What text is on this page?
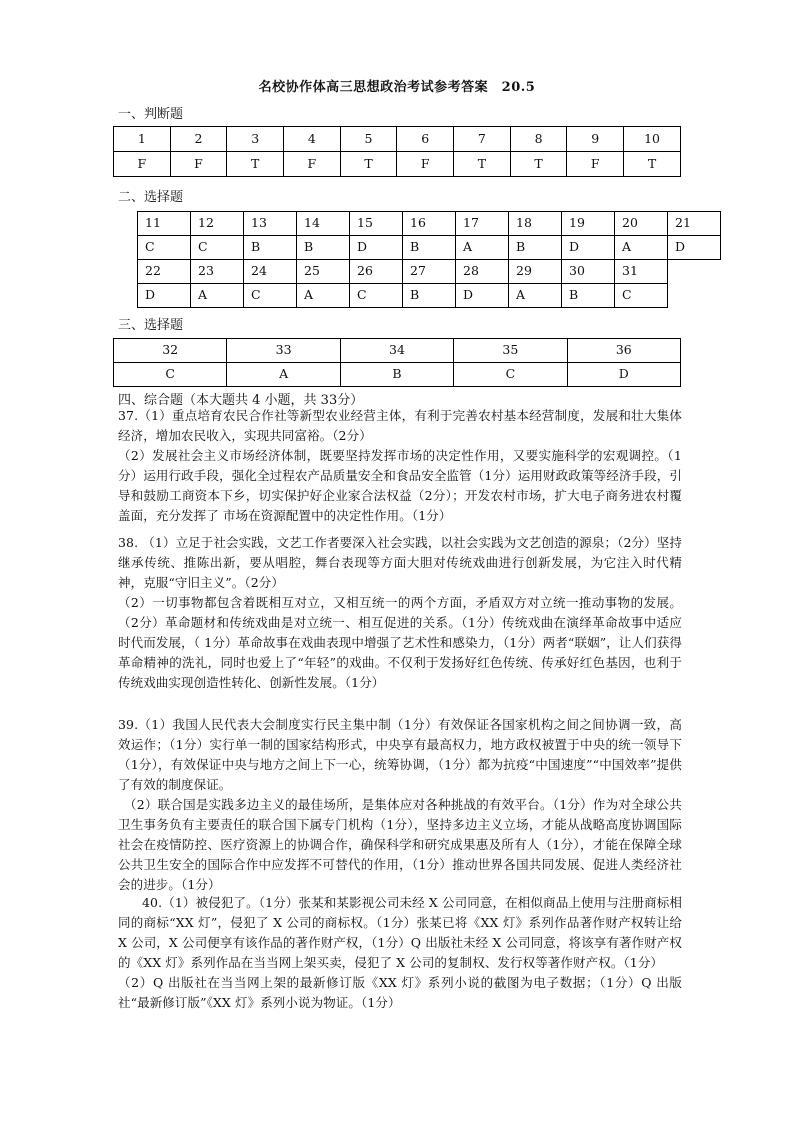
名校协作体高三思想政治考试参考答案　20.5
一、判断题
1	2	3	4	5	6	7	8	9	10
F	F	T	F	T	F	T	T	F	T
二、选择题
11	12	13	14	15	16	17	18	19	20	21
C	C	B	B	D	B	A	B	D	A	D
22	23	24	25	26	27	28	29	30	31	
D	A	C	A	C	B	D	A	B	C	
三、选择题
32	33	34	35	36
C	A	B	C	D
四、综合题（本大题共 4 小题，共 33分）

37.（1）重点培育农民合作社等新型农业经营主体，有利于完善农村基本经营制度，发展和壮大集体经济，增加农民收入，实现共同富裕。（2分）

（2）发展社会主义市场经济体制，既要坚持发挥市场的决定性作用，又要实施科学的宏观调控。（1分）运用行政手段，强化全过程农产品质量安全和食品安全监管（1分）运用财政政策等经济手段，引导和鼓励工商资本下乡，切实保护好企业家合法权益（2分）；开发农村市场，扩大电子商务进农村覆盖面，充分发挥了 市场在资源配置中的决定性作用。（1分）

38. （1）立足于社会实践，文艺工作者要深入社会实践，以社会实践为文艺创造的源泉；（2分）坚持继承传统、推陈出新，要从唱腔，舞台表现等方面大胆对传统戏曲进行创新发展，为它注入时代精神，克服“守旧主义”。（2分）

（2）一切事物都包含着既相互对立，又相互统一的两个方面，矛盾双方对立统一推动事物的发展。（2分）革命题材和传统戏曲是对立统一、相互促进的关系。（1分）传统戏曲在演绎革命故事中适应时代而发展，（ 1分）革命故事在戏曲表现中增强了艺术性和感染力，（1分）两者“联姻”，让人们获得革命精神的洗礼，同时也爱上了“年轻”的戏曲。不仅利于发扬好红色传统、传承好红色基因，也利于传统戏曲实现创造性转化、创新性发展。（1分）

39.（1）我国人民代表大会制度实行民主集中制（1分）有效保证各国家机构之间之间协调一致，高效运作；（1分）实行单一制的国家结构形式，中央享有最高权力，地方政权被置于中央的统一领导下（1分），有效保证中央与地方之间上下一心，统筹协调，（1分）都为抗疫“中国速度”“中国效率”提供了有效的制度保证。

（2）联合国是实践多边主义的最佳场所，是集体应对各种挑战的有效平台。（1分）作为对全球公共卫生事务负有主要责任的联合国下属专门机构（1分），坚持多边主义立场，才能从战略高度协调国际社会在疫情防控、医疗资源上的协调合作，确保科学和研究成果惠及所有人（1分），才能在保障全球公共卫生安全的国际合作中应发挥不可替代的作用，（1分）推动世界各国共同发展、促进人类经济社会的进步。（1分）

40.（1）被侵犯了。（1分）张某和某影视公司未经 X 公司同意，在相似商品上使用与注册商标相同的商标“XX 灯”，侵犯了 X 公司的商标权。（1分）张某已将《XX 灯》系列作品著作财产权转让给 X 公司，X 公司便享有该作品的著作财产权，（1分）Q 出版社未经 X 公司同意，将该享有著作财产权的《XX 灯》系列作品在当当网上架买卖，侵犯了 X 公司的复制权、发行权等著作财产权。（1分）

（2）Q 出版社在当当网上架的最新修订版《XX 灯》系列小说的截图为电子数据；（1分）Q 出版社“最新修订版”《XX 灯》系列小说为物证。（1分）
